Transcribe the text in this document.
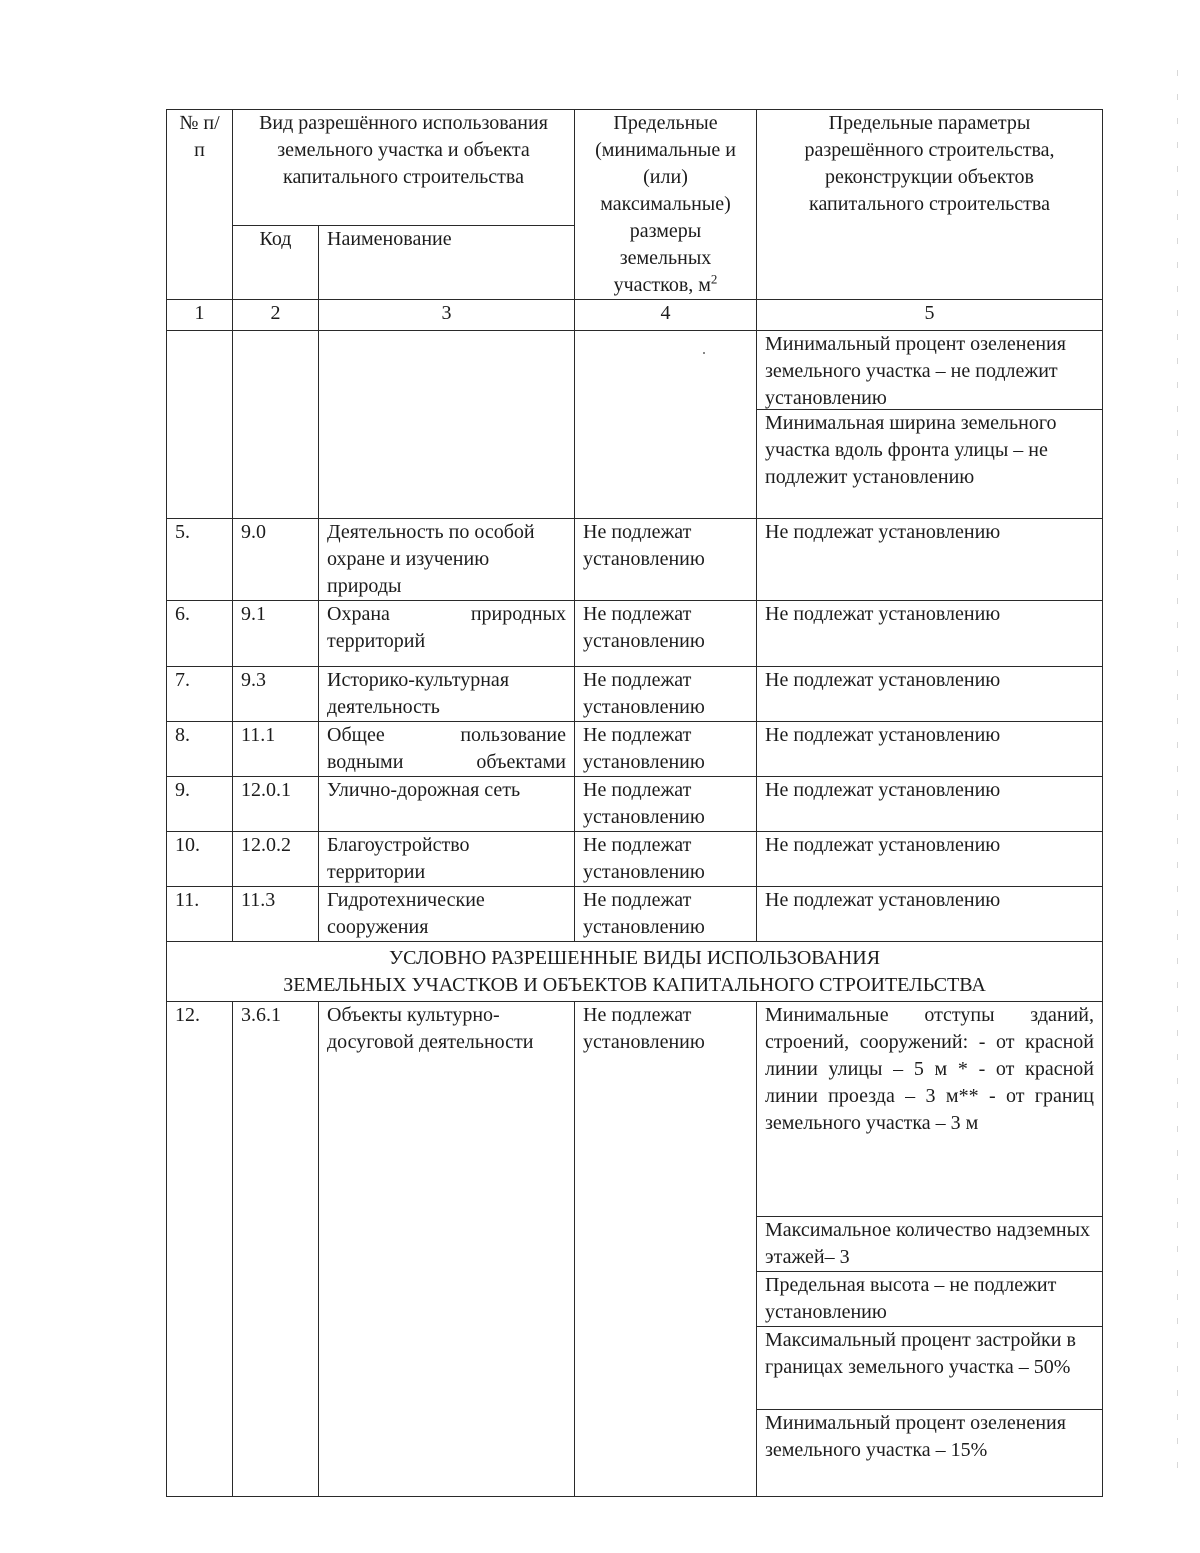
№ п/п	Вид разрешённого использования земельного участка и объекта капитального строительства		Предельные (минимальные и (или) максимальные) размеры земельных участков, $м^2$	Предельные параметры разрешённого строительства, реконструкции объектов капитального строительства
	Код	Наименование		
1	2	3	4	5

				Минимальный процент озеленения земельного участка – не подлежит установлению
Минимальная ширина земельного участка вдоль фронта улицы – не подлежит установлению

5.	9.0	Деятельность по особой охране и изучению природы	Не подлежат установлению	Не подлежат установлению
6.	9.1	Охрана природных территорий	Не подлежат установлению	Не подлежат установлению
7.	9.3	Историко-культурная деятельность	Не подлежат установлению	Не подлежат установлению
8.	11.1	Общее пользование водными объектами	Не подлежат установлению	Не подлежат установлению
9.	12.0.1	Улично-дорожная сеть	Не подлежат установлению	Не подлежат установлению
10.	12.0.2	Благоустройство территории	Не подлежат установлению	Не подлежат установлению
11.	11.3	Гидротехнические сооружения	Не подлежат установлению	Не подлежат установлению

УСЛОВНО РАЗРЕШЕННЫЕ ВИДЫ ИСПОЛЬЗОВАНИЯ
ЗЕМЕЛЬНЫХ УЧАСТКОВ И ОБЪЕКТОВ КАПИТАЛЬНОГО СТРОИТЕЛЬСТВА				

12.	3.6.1	Объекты культурно-досуговой деятельности	Не подлежат установлению	Минимальные отступы зданий, строений, сооружений: - от красной линии улицы – 5 м * - от красной линии проезда – 3 м** - от границ земельного участка – 3 м
Максимальное количество надземных этажей– 3
Предельная высота – не подлежит установлению
Максимальный процент застройки в границах земельного участка – 50%
Минимальный процент озеленения земельного участка – 15%
